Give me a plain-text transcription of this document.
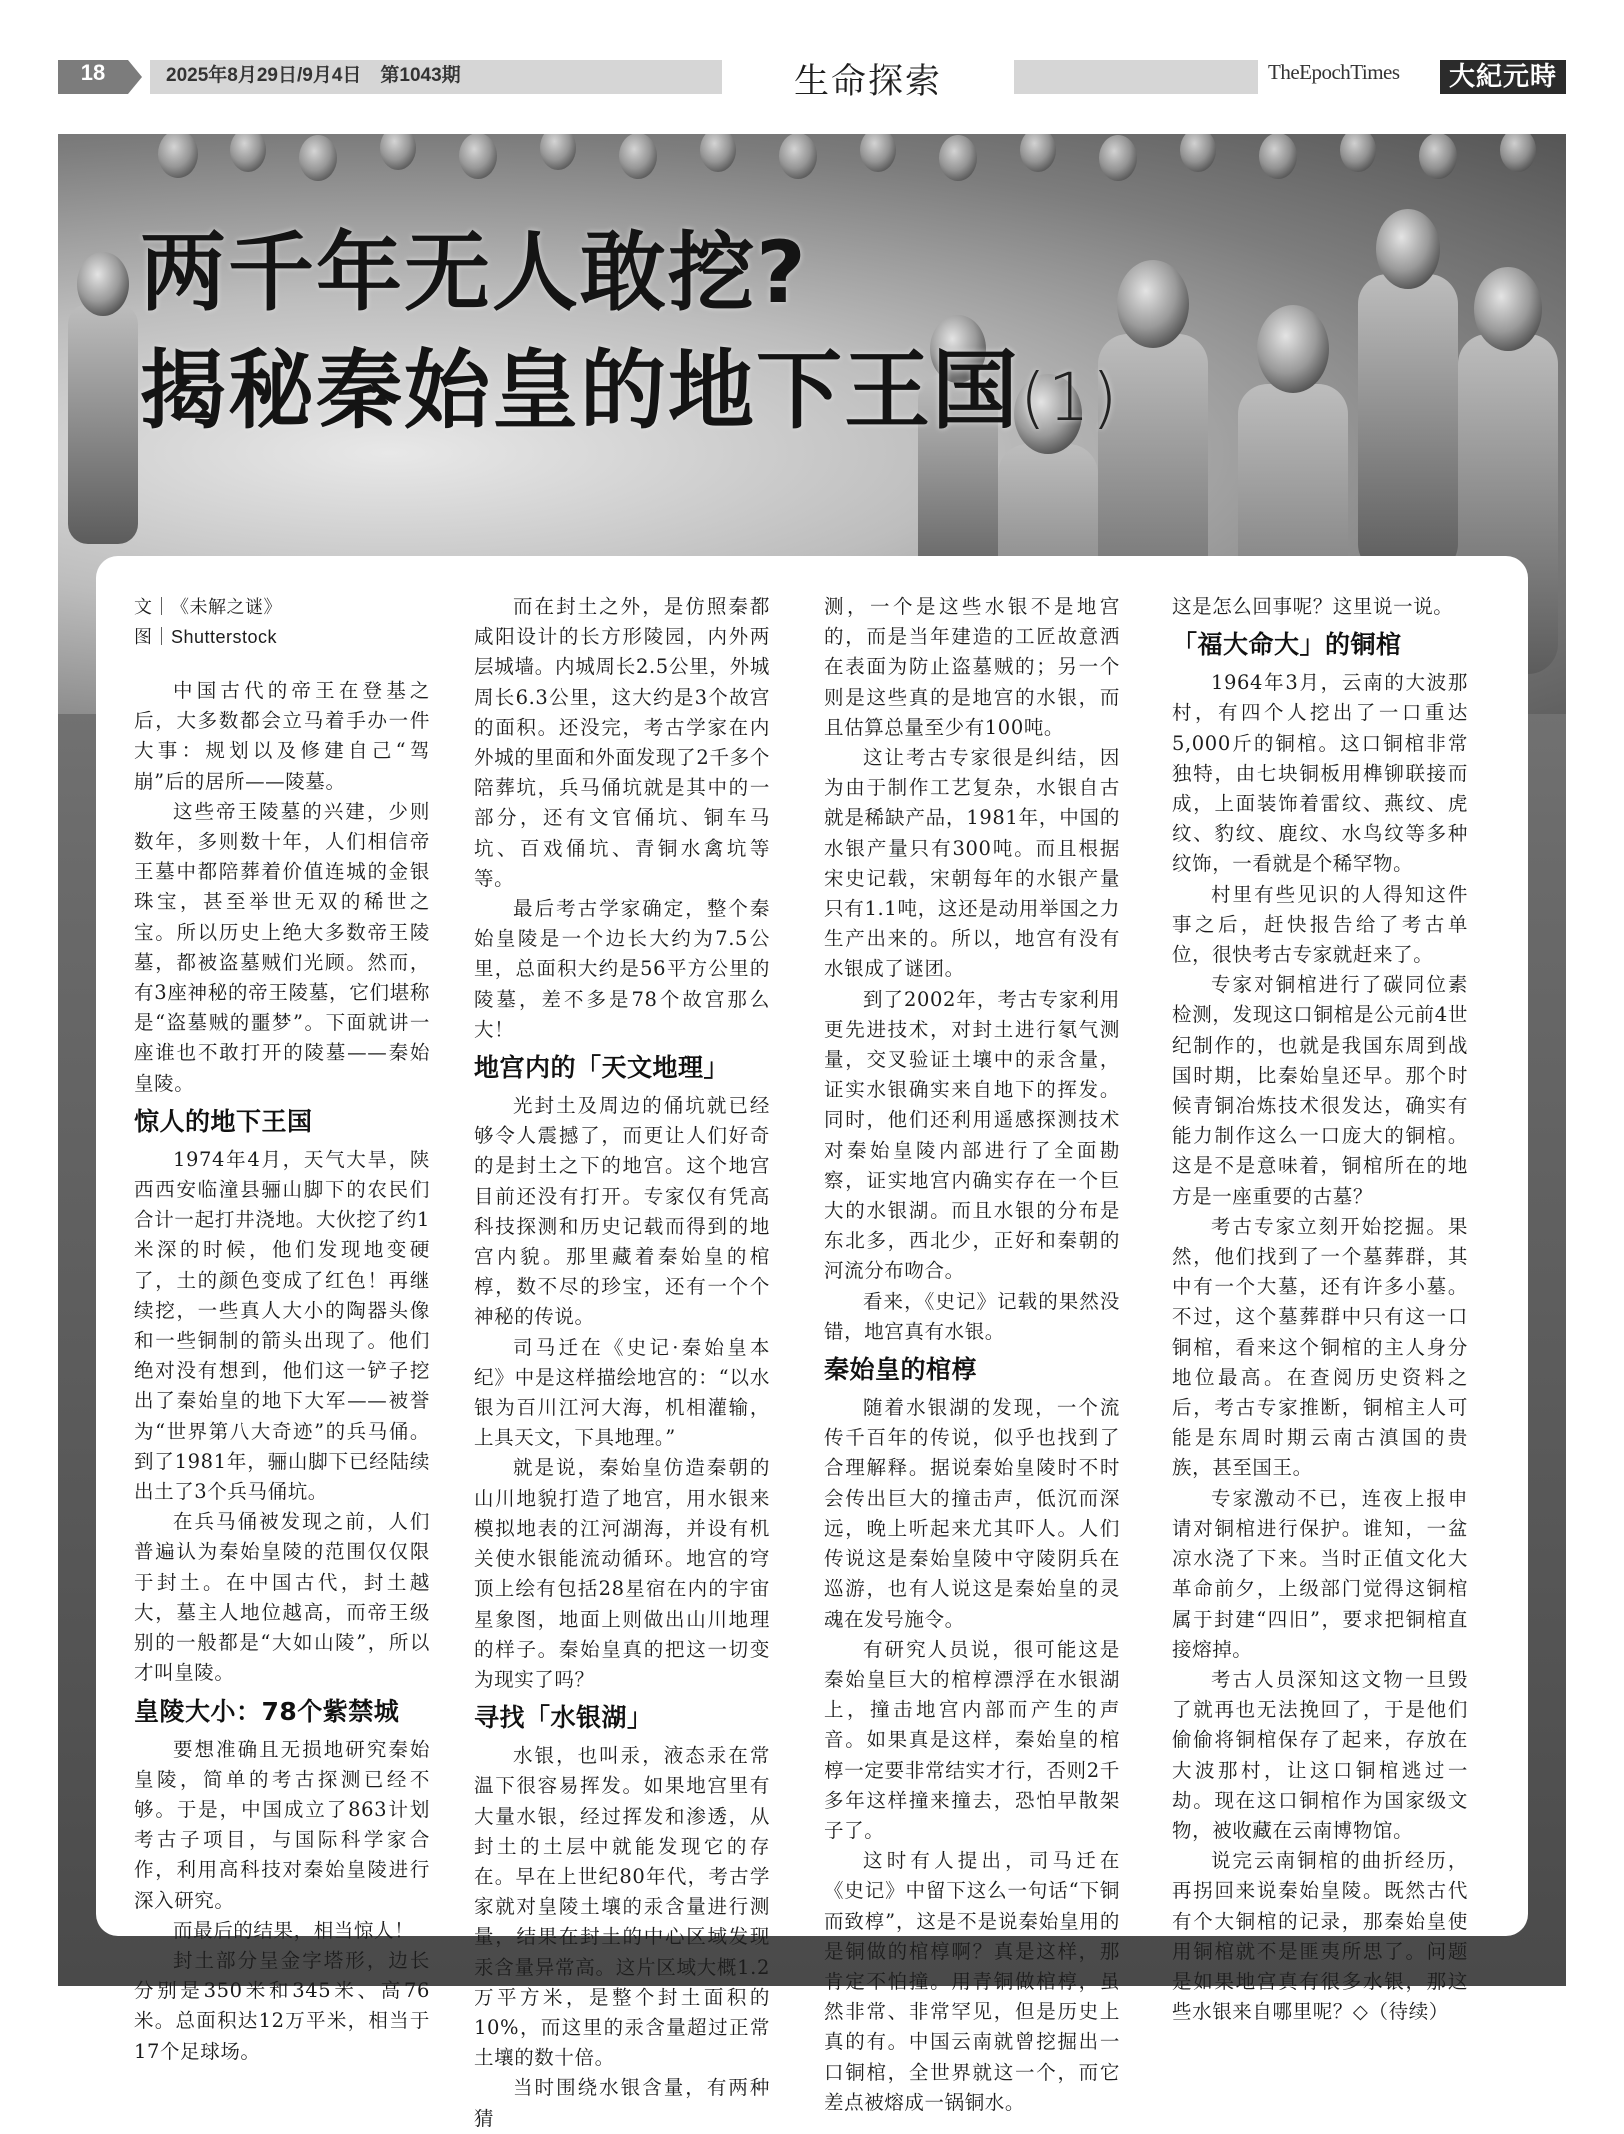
18	2025年8月29日/9月4日　第1043期	生命探索	TheEpochTimes	大紀元時報
两千年无人敢挖?
揭秘秦始皇的地下王国(1)

文｜《未解之谜》

图｜Shutterstock

中国古代的帝王在登基之后，大多数都会立马着手办一件大事：规划以及修建自己“驾崩”后的居所——陵墓。

这些帝王陵墓的兴建，少则数年，多则数十年，人们相信帝王墓中都陪葬着价值连城的金银珠宝，甚至举世无双的稀世之宝。所以历史上绝大多数帝王陵墓，都被盗墓贼们光顾。然而，有3座神秘的帝王陵墓，它们堪称是“盗墓贼的噩梦”。下面就讲一座谁也不敢打开的陵墓——秦始皇陵。

惊人的地下王国

1974年4月，天气大旱，陕西西安临潼县骊山脚下的农民们合计一起打井浇地。大伙挖了约1米深的时候，他们发现地变硬了，土的颜色变成了红色！再继续挖，一些真人大小的陶器头像和一些铜制的箭头出现了。他们绝对没有想到，他们这一铲子挖出了秦始皇的地下大军——被誉为“世界第八大奇迹”的兵马俑。到了1981年，骊山脚下已经陆续出土了3个兵马俑坑。

在兵马俑被发现之前，人们普遍认为秦始皇陵的范围仅仅限于封土。在中国古代，封土越大，墓主人地位越高，而帝王级别的一般都是“大如山陵”，所以才叫皇陵。

皇陵大小：78个紫禁城

要想准确且无损地研究秦始皇陵，简单的考古探测已经不够。于是，中国成立了863计划考古子项目，与国际科学家合作，利用高科技对秦始皇陵进行深入研究。

而最后的结果，相当惊人！

封土部分呈金字塔形，边长分别是350米和345米、高76米。总面积达12万平米，相当于17个足球场。

而在封土之外，是仿照秦都咸阳设计的长方形陵园，内外两层城墙。内城周长2.5公里，外城周长6.3公里，这大约是3个故宫的面积。还没完，考古学家在内外城的里面和外面发现了2千多个陪葬坑，兵马俑坑就是其中的一部分，还有文官俑坑、铜车马坑、百戏俑坑、青铜水禽坑等等。

最后考古学家确定，整个秦始皇陵是一个边长大约为7.5公里，总面积大约是56平方公里的陵墓，差不多是78个故宫那么大！

地宫内的「天文地理」

光封土及周边的俑坑就已经够令人震撼了，而更让人们好奇的是封土之下的地宫。这个地宫目前还没有打开。专家仅有凭高科技探测和历史记载而得到的地宫内貌。那里藏着秦始皇的棺椁，数不尽的珍宝，还有一个个神秘的传说。

司马迁在《史记·秦始皇本纪》中是这样描绘地宫的：“以水银为百川江河大海，机相灌输，上具天文，下具地理。”

就是说，秦始皇仿造秦朝的山川地貌打造了地宫，用水银来模拟地表的江河湖海，并设有机关使水银能流动循环。地宫的穹顶上绘有包括28星宿在内的宇宙星象图，地面上则做出山川地理的样子。秦始皇真的把这一切变为现实了吗？

寻找「水银湖」

水银，也叫汞，液态汞在常温下很容易挥发。如果地宫里有大量水银，经过挥发和渗透，从封土的土层中就能发现它的存在。早在上世纪80年代，考古学家就对皇陵土壤的汞含量进行测量，结果在封土的中心区域发现汞含量异常高。这片区域大概1.2万平方米，是整个封土面积的10%，而这里的汞含量超过正常土壤的数十倍。

当时围绕水银含量，有两种猜

测，一个是这些水银不是地宫的，而是当年建造的工匠故意洒在表面为防止盗墓贼的；另一个则是这些真的是地宫的水银，而且估算总量至少有100吨。

这让考古专家很是纠结，因为由于制作工艺复杂，水银自古就是稀缺产品，1981年，中国的水银产量只有300吨。而且根据宋史记载，宋朝每年的水银产量只有1.1吨，这还是动用举国之力生产出来的。所以，地宫有没有水银成了谜团。

到了2002年，考古专家利用更先进技术，对封土进行氡气测量，交叉验证土壤中的汞含量，证实水银确实来自地下的挥发。同时，他们还利用遥感探测技术对秦始皇陵内部进行了全面勘察，证实地宫内确实存在一个巨大的水银湖。而且水银的分布是东北多，西北少，正好和秦朝的河流分布吻合。

看来，《史记》记载的果然没错，地宫真有水银。

秦始皇的棺椁

随着水银湖的发现，一个流传千百年的传说，似乎也找到了合理解释。据说秦始皇陵时不时会传出巨大的撞击声，低沉而深远，晚上听起来尤其吓人。人们传说这是秦始皇陵中守陵阴兵在巡游，也有人说这是秦始皇的灵魂在发号施令。

有研究人员说，很可能这是秦始皇巨大的棺椁漂浮在水银湖上，撞击地宫内部而产生的声音。如果真是这样，秦始皇的棺椁一定要非常结实才行，否则2千多年这样撞来撞去，恐怕早散架子了。

这时有人提出，司马迁在《史记》中留下这么一句话“下铜而致椁”，这是不是说秦始皇用的是铜做的棺椁啊？真是这样，那肯定不怕撞。用青铜做棺椁，虽然非常、非常罕见，但是历史上真的有。中国云南就曾挖掘出一口铜棺，全世界就这一个，而它差点被熔成一锅铜水。

这是怎么回事呢？这里说一说。

「福大命大」的铜棺

1964年3月，云南的大波那村，有四个人挖出了一口重达5,000斤的铜棺。这口铜棺非常独特，由七块铜板用榫铆联接而成，上面装饰着雷纹、燕纹、虎纹、豹纹、鹿纹、水鸟纹等多种纹饰，一看就是个稀罕物。

村里有些见识的人得知这件事之后，赶快报告给了考古单位，很快考古专家就赶来了。

专家对铜棺进行了碳同位素检测，发现这口铜棺是公元前4世纪制作的，也就是我国东周到战国时期，比秦始皇还早。那个时候青铜冶炼技术很发达，确实有能力制作这么一口庞大的铜棺。这是不是意味着，铜棺所在的地方是一座重要的古墓？

考古专家立刻开始挖掘。果然，他们找到了一个墓葬群，其中有一个大墓，还有许多小墓。不过，这个墓葬群中只有这一口铜棺，看来这个铜棺的主人身分地位最高。在查阅历史资料之后，考古专家推断，铜棺主人可能是东周时期云南古滇国的贵族，甚至国王。

专家激动不已，连夜上报申请对铜棺进行保护。谁知，一盆凉水浇了下来。当时正值文化大革命前夕，上级部门觉得这铜棺属于封建“四旧”，要求把铜棺直接熔掉。

考古人员深知这文物一旦毁了就再也无法挽回了，于是他们偷偷将铜棺保存了起来，存放在大波那村，让这口铜棺逃过一劫。现在这口铜棺作为国家级文物，被收藏在云南博物馆。

说完云南铜棺的曲折经历，再拐回来说秦始皇陵。既然古代有个大铜棺的记录，那秦始皇使用铜棺就不是匪夷所思了。问题是如果地宫真有很多水银，那这些水银来自哪里呢？◇（待续）
